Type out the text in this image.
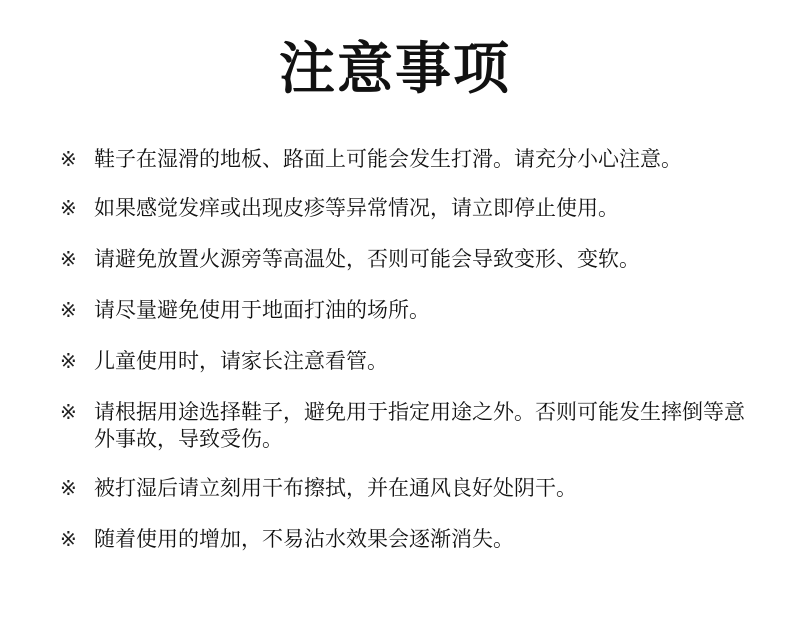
注意事项
※ 鞋子在湿滑的地板、路面上可能会发生打滑。请充分小心注意。
※ 如果感觉发痒或出现皮疹等异常情况，请立即停止使用。
※ 请避免放置火源旁等高温处，否则可能会导致变形、变软。
※ 请尽量避免使用于地面打油的场所。
※ 儿童使用时，请家长注意看管。
※ 请根据用途选择鞋子，避免用于指定用途之外。否则可能发生摔倒等意外事故，导致受伤。
※ 被打湿后请立刻用干布擦拭，并在通风良好处阴干。
※ 随着使用的增加，不易沾水效果会逐渐消失。
